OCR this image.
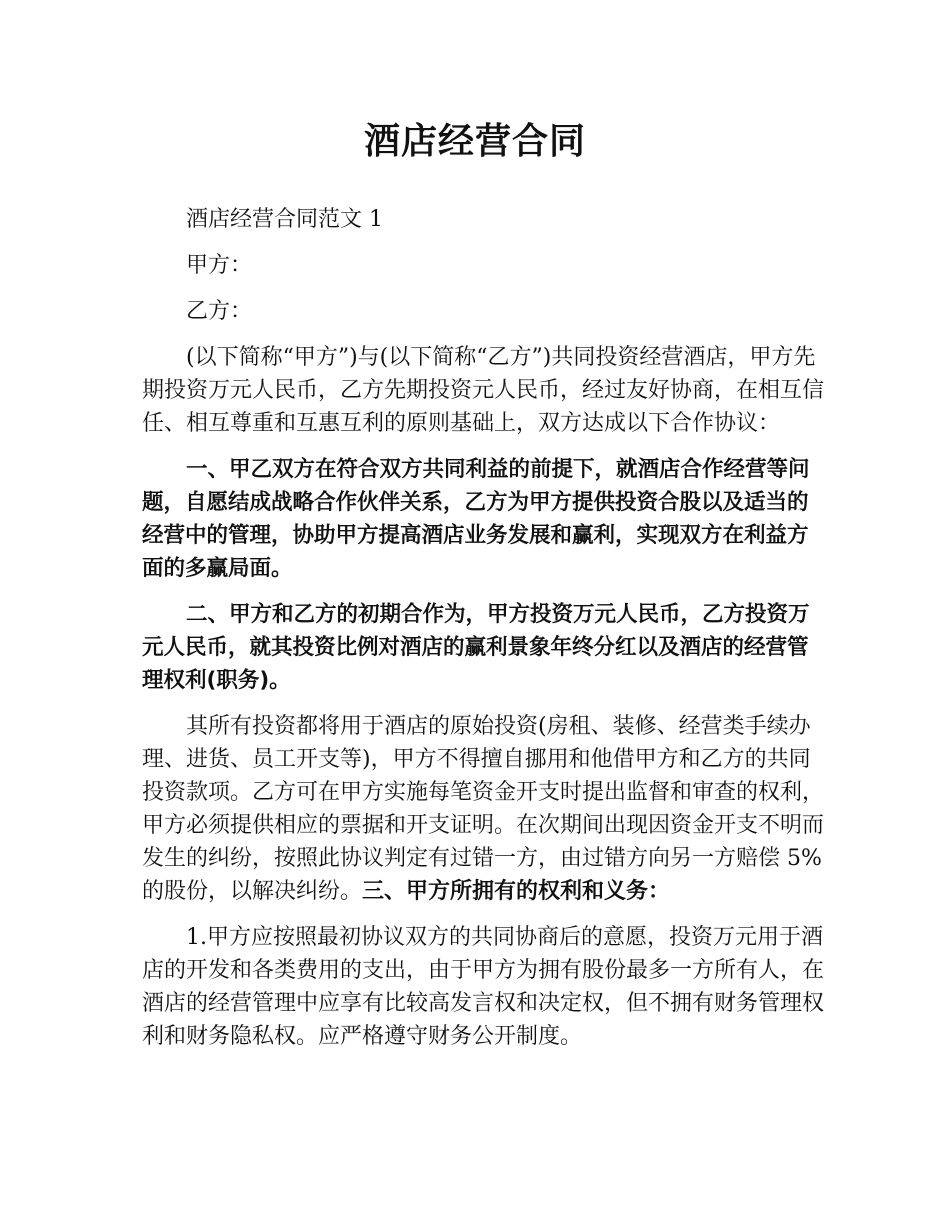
酒店经营合同

酒店经营合同范文 1

甲方：

乙方：

(以下简称“甲方”)与(以下简称“乙方”)共同投资经营酒店，甲方先期投资万元人民币，乙方先期投资元人民币，经过友好协商，在相互信任、相互尊重和互惠互利的原则基础上，双方达成以下合作协议：

一、甲乙双方在符合双方共同利益的前提下，就酒店合作经营等问题，自愿结成战略合作伙伴关系，乙方为甲方提供投资合股以及适当的经营中的管理，协助甲方提高酒店业务发展和赢利，实现双方在利益方面的多赢局面。

二、甲方和乙方的初期合作为，甲方投资万元人民币，乙方投资万元人民币，就其投资比例对酒店的赢利景象年终分红以及酒店的经营管理权利(职务)。

其所有投资都将用于酒店的原始投资(房租、装修、经营类手续办理、进货、员工开支等)，甲方不得擅自挪用和他借甲方和乙方的共同投资款项。乙方可在甲方实施每笔资金开支时提出监督和审查的权利，甲方必须提供相应的票据和开支证明。在次期间出现因资金开支不明而发生的纠纷，按照此协议判定有过错一方，由过错方向另一方赔偿 5%的股份，以解决纠纷。三、甲方所拥有的权利和义务：

1.甲方应按照最初协议双方的共同协商后的意愿，投资万元用于酒店的开发和各类费用的支出，由于甲方为拥有股份最多一方所有人，在酒店的经营管理中应享有比较高发言权和决定权，但不拥有财务管理权利和财务隐私权。应严格遵守财务公开制度。
